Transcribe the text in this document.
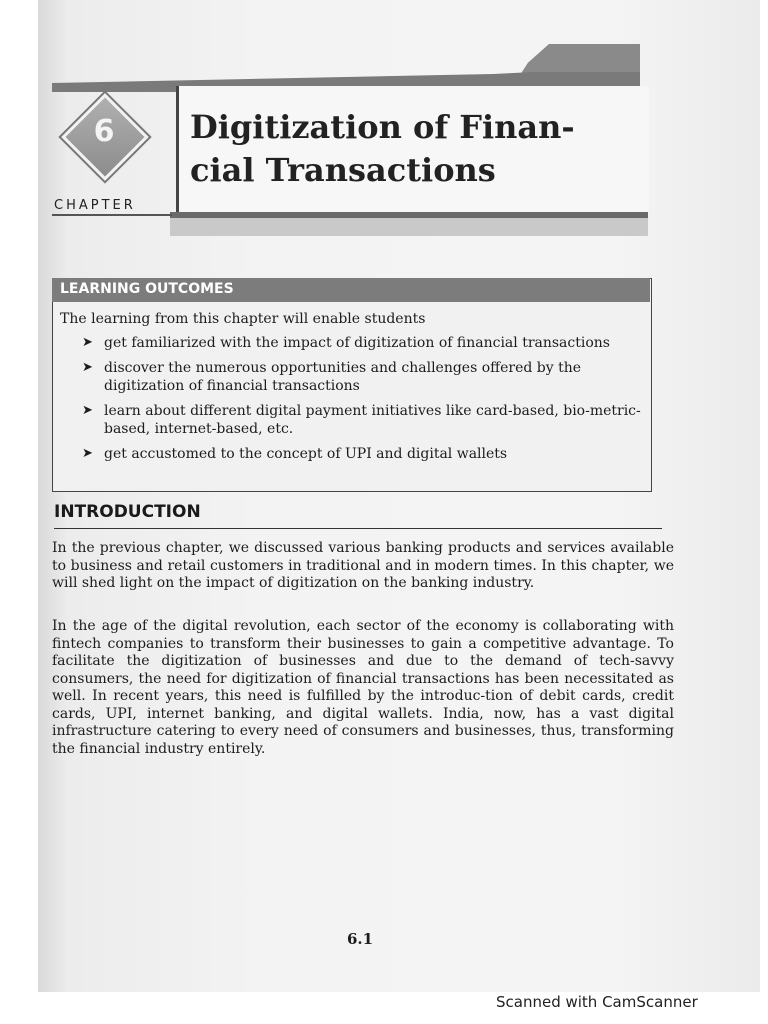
6
CHAPTER
Digitization of Finan-cial Transactions
LEARNING OUTCOMES
The learning from this chapter will enable students
➤ get familiarized with the impact of digitization of financial transactions
➤ discover the numerous opportunities and challenges offered by the digitization of financial transactions
➤ learn about different digital payment initiatives like card-based, bio-metric-based, internet-based, etc.
➤ get accustomed to the concept of UPI and digital wallets
INTRODUCTION

In the previous chapter, we discussed various banking products and services available to business and retail customers in traditional and in modern times. In this chapter, we will shed light on the impact of digitization on the banking industry.

In the age of the digital revolution, each sector of the economy is collaborating with fintech companies to transform their businesses to gain a competitive advantage. To facilitate the digitization of businesses and due to the demand of tech-savvy consumers, the need for digitization of financial transactions has been necessitated as well. In recent years, this need is fulfilled by the introduc-tion of debit cards, credit cards, UPI, internet banking, and digital wallets. India, now, has a vast digital infrastructure catering to every need of consumers and businesses, thus, transforming the financial industry entirely.

6.1
Scanned with CamScanner
